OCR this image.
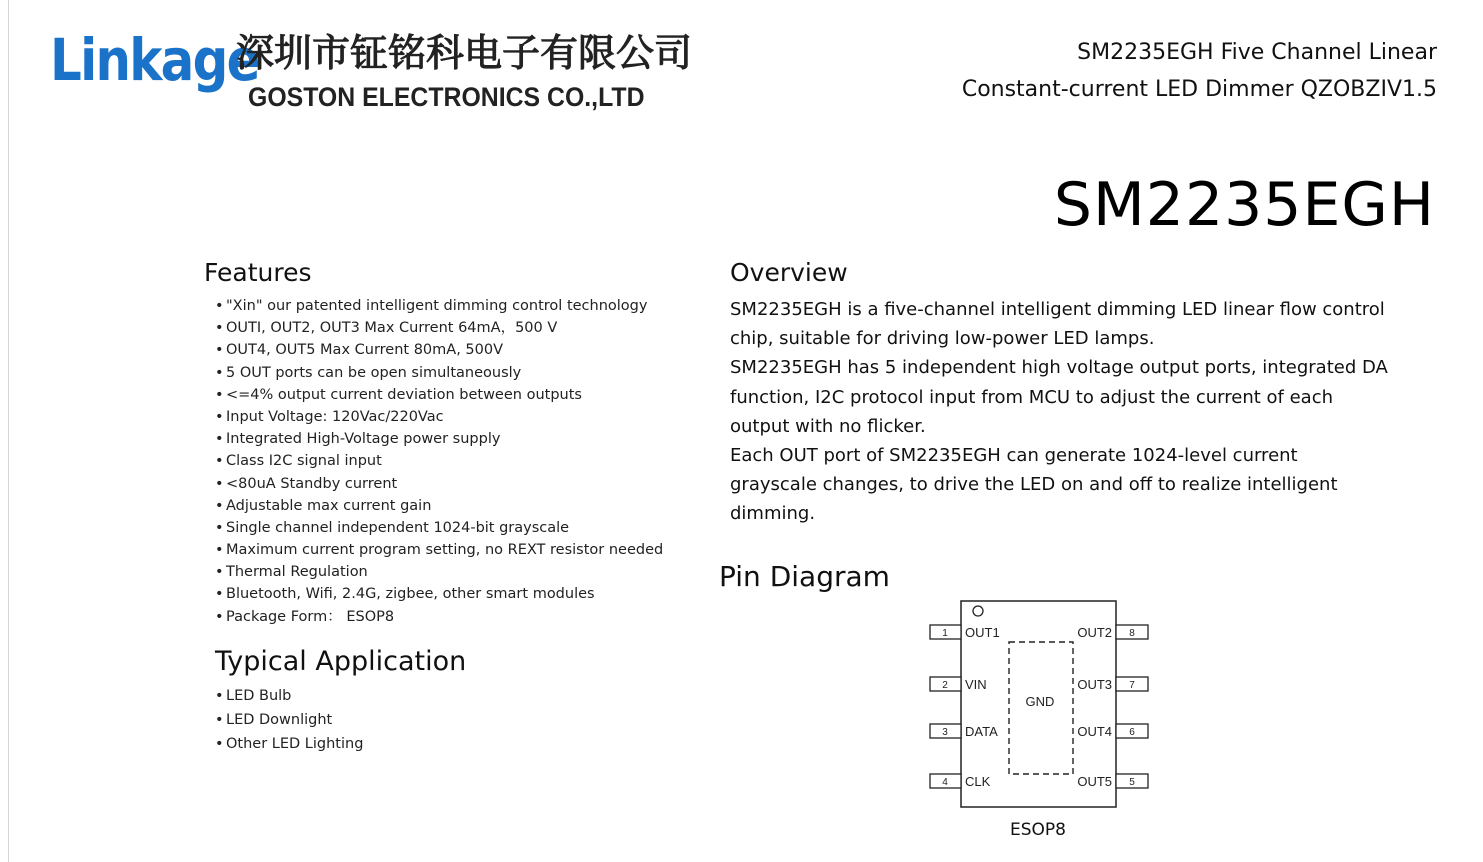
Linkage
深圳市钲铭科电子有限公司
GOSTON ELECTRONICS CO.,LTD
SM2235EGH Five Channel Linear
Constant-current LED Dimmer QZOBZIV1.5
SM2235EGH
Features
• "Xin" our patented intelligent dimming control technology
• OUTI, OUT2, OUT3 Max Current 64mA，500 V
• OUT4, OUT5 Max Current 80mA, 500V
• 5 OUT ports can be open simultaneously
• <=4% output current deviation between outputs
• Input Voltage: 120Vac/220Vac
• Integrated High-Voltage power supply
• Class I2C signal input
• <80uA Standby current
• Adjustable max current gain
• Single channel independent 1024-bit grayscale
• Maximum current program setting, no REXT resistor needed
• Thermal Regulation
• Bluetooth, Wifi, 2.4G, zigbee, other smart modules
• Package Form： ESOP8
Typical Application
• LED Bulb
• LED Downlight
• Other LED Lighting
Overview

SM2235EGH is a five-channel intelligent dimming LED linear flow control chip, suitable for driving low-power LED lamps.

SM2235EGH has 5 independent high voltage output ports, integrated DA function, I2C protocol input from MCU to adjust the current of each output with no flicker.

Each OUT port of SM2235EGH can generate 1024-level current grayscale changes, to drive the LED on and off to realize intelligent dimming.

Pin Diagram
GND
1 OUT1
2 VIN
3 DATA
4 CLK
8
OUT2
7
OUT3
6
OUT4
5
OUT5
ESOP8
